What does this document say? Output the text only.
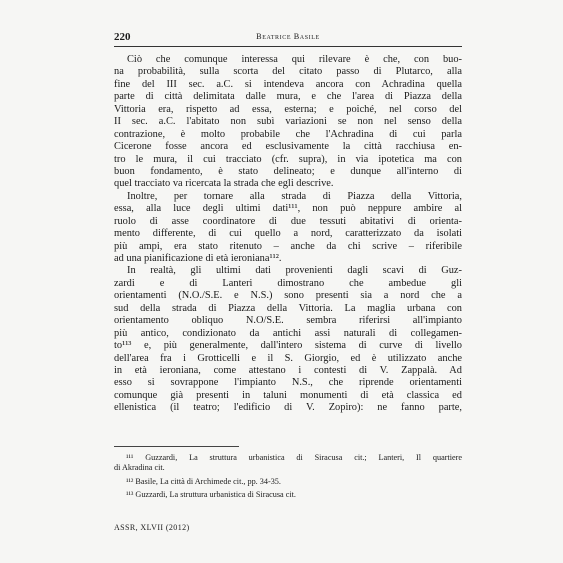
220	Beatrice Basile
Ciò che comunque interessa qui rilevare è che, con buo-
na probabilità, sulla scorta del citato passo di Plutarco, alla
fine del III sec. a.C. si intendeva ancora con Achradina quella
parte di città delimitata dalle mura, e che l'area di Piazza della
Vittoria era, rispetto ad essa, esterna; e poiché, nel corso del
II sec. a.C. l'abitato non subì variazioni se non nel senso della
contrazione, è molto probabile che l'Achradina di cui parla
Cicerone fosse ancora ed esclusivamente la città racchiusa en-
tro le mura, il cui tracciato (cfr. supra), in via ipotetica ma con
buon fondamento, è stato delineato; e dunque all'interno di
quel tracciato va ricercata la strada che egli descrive.
Inoltre, per tornare alla strada di Piazza della Vittoria,
essa, alla luce degli ultimi dati¹¹¹, non può neppure ambire al
ruolo di asse coordinatore di due tessuti abitativi di orienta-
mento differente, di cui quello a nord, caratterizzato da isolati
più ampi, era stato ritenuto – anche da chi scrive – riferibile
ad una pianificazione di età ieroniana¹¹².
In realtà, gli ultimi dati provenienti dagli scavi di Guz-
zardi e di Lanteri dimostrano che ambedue gli
orientamenti (N.O./S.E. e N.S.) sono presenti sia a nord che a
sud della strada di Piazza della Vittoria. La maglia urbana con
orientamento obliquo N.O/S.E. sembra riferirsi all'impianto
più antico, condizionato da antichi assi naturali di collegamen-
to¹¹³ e, più generalmente, dall'intero sistema di curve di livello
dell'area fra i Grotticelli e il S. Giorgio, ed è utilizzato anche
in età ieroniana, come attestano i contesti di V. Zappalà. Ad
esso si sovrappone l'impianto N.S., che riprende orientamenti
comunque già presenti in taluni monumenti di età classica ed
ellenistica (il teatro; l'edificio di V. Zopiro): ne fanno parte,
¹¹¹ Guzzardi, La struttura urbanistica di Siracusa cit.; Lanteri, Il quartiere
di Akradina cit.
¹¹² Basile, La città di Archimede cit., pp. 34-35.
¹¹³ Guzzardi, La struttura urbanistica di Siracusa cit.
ASSR, XLVII (2012)
